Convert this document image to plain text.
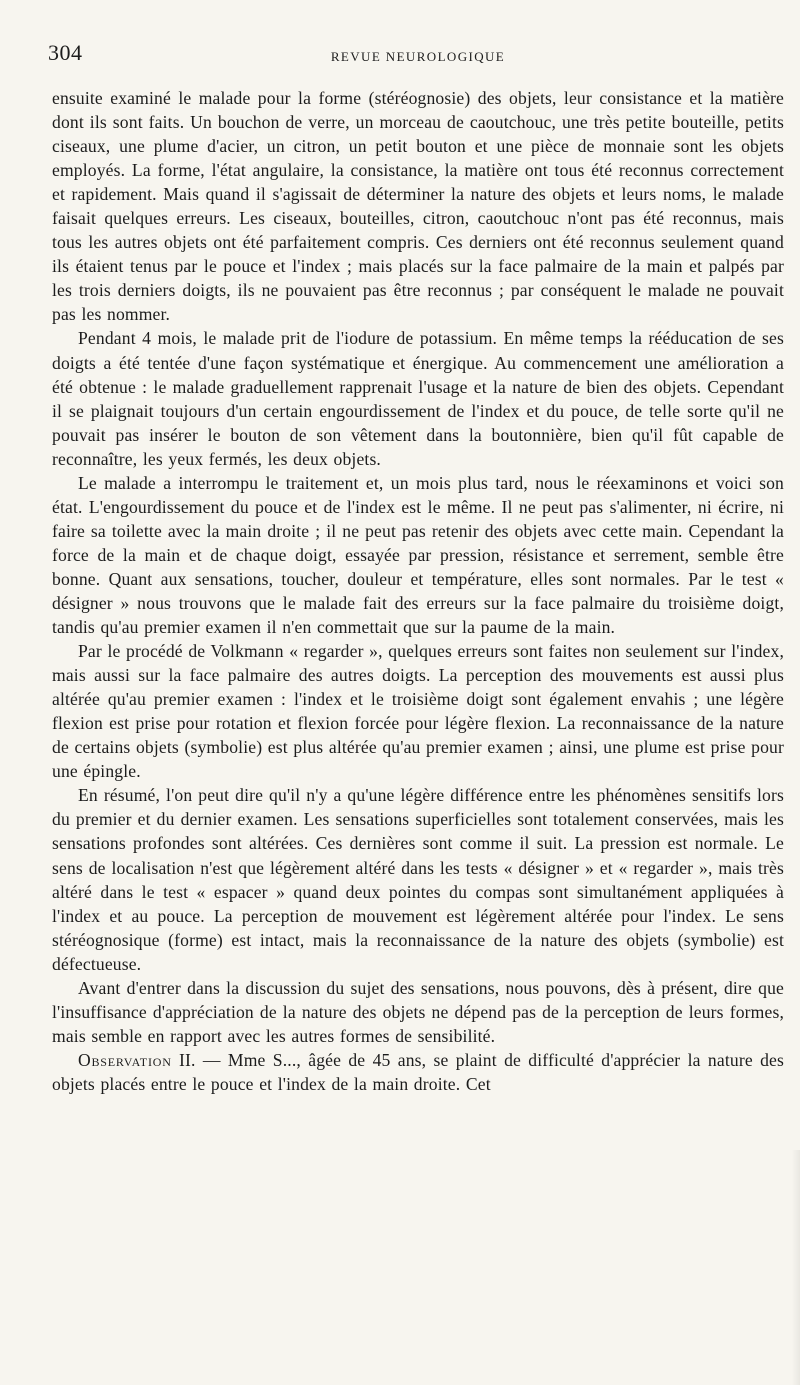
304	REVUE NEUROLOGIQUE

ensuite examiné le malade pour la forme (stéréognosie) des objets, leur consistance et la matière dont ils sont faits. Un bouchon de verre, un morceau de caoutchouc, une très petite bouteille, petits ciseaux, une plume d'acier, un citron, un petit bouton et une pièce de monnaie sont les objets employés. La forme, l'état angulaire, la consistance, la matière ont tous été reconnus correctement et rapidement. Mais quand il s'agissait de déterminer la nature des objets et leurs noms, le malade faisait quelques erreurs. Les ciseaux, bouteilles, citron, caoutchouc n'ont pas été reconnus, mais tous les autres objets ont été parfaitement compris. Ces derniers ont été reconnus seulement quand ils étaient tenus par le pouce et l'index ; mais placés sur la face palmaire de la main et palpés par les trois derniers doigts, ils ne pouvaient pas être reconnus ; par conséquent le malade ne pouvait pas les nommer.

Pendant 4 mois, le malade prit de l'iodure de potassium. En même temps la rééducation de ses doigts a été tentée d'une façon systématique et énergique. Au commencement une amélioration a été obtenue : le malade graduellement rapprenait l'usage et la nature de bien des objets. Cependant il se plaignait toujours d'un certain engourdissement de l'index et du pouce, de telle sorte qu'il ne pouvait pas insérer le bouton de son vêtement dans la boutonnière, bien qu'il fût capable de reconnaître, les yeux fermés, les deux objets.

Le malade a interrompu le traitement et, un mois plus tard, nous le réexaminons et voici son état. L'engourdissement du pouce et de l'index est le même. Il ne peut pas s'alimenter, ni écrire, ni faire sa toilette avec la main droite ; il ne peut pas retenir des objets avec cette main. Cependant la force de la main et de chaque doigt, essayée par pression, résistance et serrement, semble être bonne. Quant aux sensations, toucher, douleur et température, elles sont normales. Par le test « désigner » nous trouvons que le malade fait des erreurs sur la face palmaire du troisième doigt, tandis qu'au premier examen il n'en commettait que sur la paume de la main.

Par le procédé de Volkmann « regarder », quelques erreurs sont faites non seulement sur l'index, mais aussi sur la face palmaire des autres doigts. La perception des mouvements est aussi plus altérée qu'au premier examen : l'index et le troisième doigt sont également envahis ; une légère flexion est prise pour rotation et flexion forcée pour légère flexion. La reconnaissance de la nature de certains objets (symbolie) est plus altérée qu'au premier examen ; ainsi, une plume est prise pour une épingle.

En résumé, l'on peut dire qu'il n'y a qu'une légère différence entre les phénomènes sensitifs lors du premier et du dernier examen. Les sensations superficielles sont totalement conservées, mais les sensations profondes sont altérées. Ces dernières sont comme il suit. La pression est normale. Le sens de localisation n'est que légèrement altéré dans les tests « désigner » et « regarder », mais très altéré dans le test « espacer » quand deux pointes du compas sont simultanément appliquées à l'index et au pouce. La perception de mouvement est légèrement altérée pour l'index. Le sens stéréognosique (forme) est intact, mais la reconnaissance de la nature des objets (symbolie) est défectueuse.

Avant d'entrer dans la discussion du sujet des sensations, nous pouvons, dès à présent, dire que l'insuffisance d'appréciation de la nature des objets ne dépend pas de la perception de leurs formes, mais semble en rapport avec les autres formes de sensibilité.

Observation II. — Mme S..., âgée de 45 ans, se plaint de difficulté d'apprécier la nature des objets placés entre le pouce et l'index de la main droite. Cet
